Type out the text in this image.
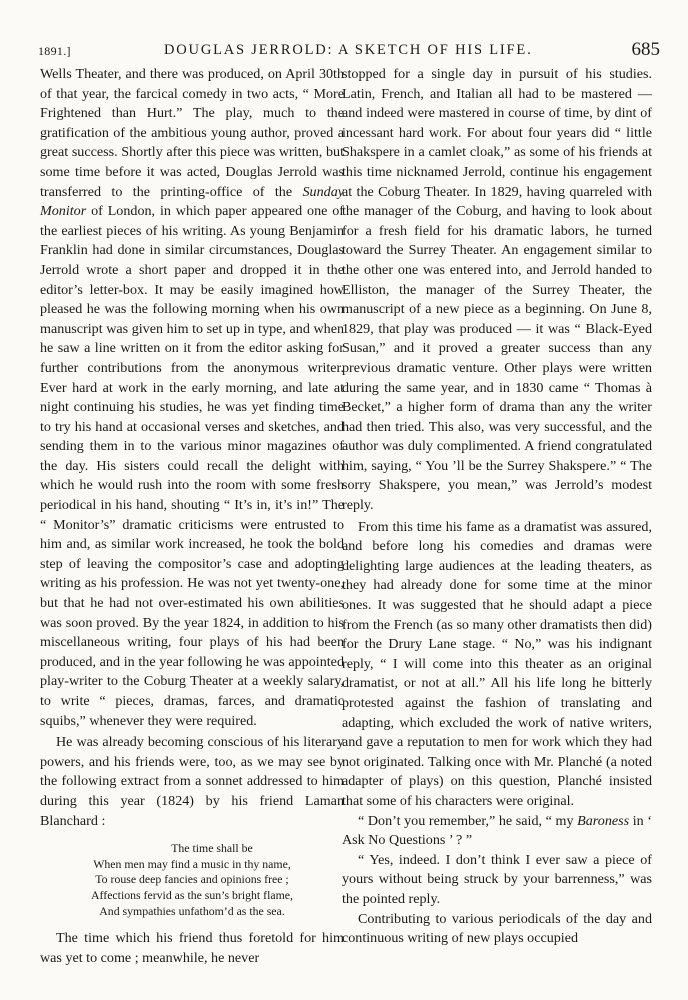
1891.]	DOUGLAS JERROLD: A SKETCH OF HIS LIFE.	685

Wells Theater, and there was produced, on April 30th of that year, the farcical comedy in two acts, “ More Frightened than Hurt.” The play, much to the gratification of the ambitious young author, proved a great success. Shortly after this piece was written, but some time before it was acted, Douglas Jerrold was transferred to the printing-office of the Sunday Monitor of London, in which paper appeared one of the earliest pieces of his writing. As young Benjamin Franklin had done in similar circumstances, Douglas Jerrold wrote a short paper and dropped it in the editor’s letter-box. It may be easily imagined how pleased he was the following morning when his own manuscript was given him to set up in type, and when he saw a line written on it from the editor asking for further contributions from the anonymous writer. Ever hard at work in the early morning, and late at night continuing his studies, he was yet finding time to try his hand at occasional verses and sketches, and sending them in to the various minor magazines of the day. His sisters could recall the delight with which he would rush into the room with some fresh periodical in his hand, shouting “ It’s in, it’s in!” The “ Monitor’s” dramatic criticisms were entrusted to him and, as similar work increased, he took the bold step of leaving the compositor’s case and adopting writing as his profession. He was not yet twenty-one, but that he had not over-estimated his own abilities was soon proved. By the year 1824, in addition to his miscellaneous writing, four plays of his had been produced, and in the year following he was appointed play-writer to the Coburg Theater at a weekly salary, to write “ pieces, dramas, farces, and dramatic squibs,” whenever they were required.

He was already becoming conscious of his literary powers, and his friends were, too, as we may see by the following extract from a sonnet addressed to him during this year (1824) by his friend Laman Blanchard :

The time shall be
When men may find a music in thy name,
To rouse deep fancies and opinions free ;
Affections fervid as the sun’s bright flame,
And sympathies unfathom’d as the sea.

The time which his friend thus foretold for him was yet to come ; meanwhile, he never

stopped for a single day in pursuit of his studies. Latin, French, and Italian all had to be mastered — and indeed were mastered in course of time, by dint of incessant hard work. For about four years did “ little Shakspere in a camlet cloak,” as some of his friends at this time nicknamed Jerrold, continue his engagement at the Coburg Theater. In 1829, having quarreled with the manager of the Coburg, and having to look about for a fresh field for his dramatic labors, he turned toward the Surrey Theater. An engagement similar to the other one was entered into, and Jerrold handed to Elliston, the manager of the Surrey Theater, the manuscript of a new piece as a beginning. On June 8, 1829, that play was produced — it was “ Black-Eyed Susan,” and it proved a greater success than any previous dramatic venture. Other plays were written during the same year, and in 1830 came “ Thomas à Becket,” a higher form of drama than any the writer had then tried. This also, was very successful, and the author was duly complimented. A friend congratulated him, saying, “ You ’ll be the Surrey Shakspere.” “ The sorry Shakspere, you mean,” was Jerrold’s modest reply.

From this time his fame as a dramatist was assured, and before long his comedies and dramas were delighting large audiences at the leading theaters, as they had already done for some time at the minor ones. It was suggested that he should adapt a piece from the French (as so many other dramatists then did) for the Drury Lane stage. “ No,” was his indignant reply, “ I will come into this theater as an original dramatist, or not at all.” All his life long he bitterly protested against the fashion of translating and adapting, which excluded the work of native writers, and gave a reputation to men for work which they had not originated. Talking once with Mr. Planché (a noted adapter of plays) on this question, Planché insisted that some of his characters were original.

“ Don’t you remember,” he said, “ my Baroness in ‘ Ask No Questions ’ ? ”

“ Yes, indeed. I don’t think I ever saw a piece of yours without being struck by your barrenness,” was the pointed reply.

Contributing to various periodicals of the day and continuous writing of new plays occupied
